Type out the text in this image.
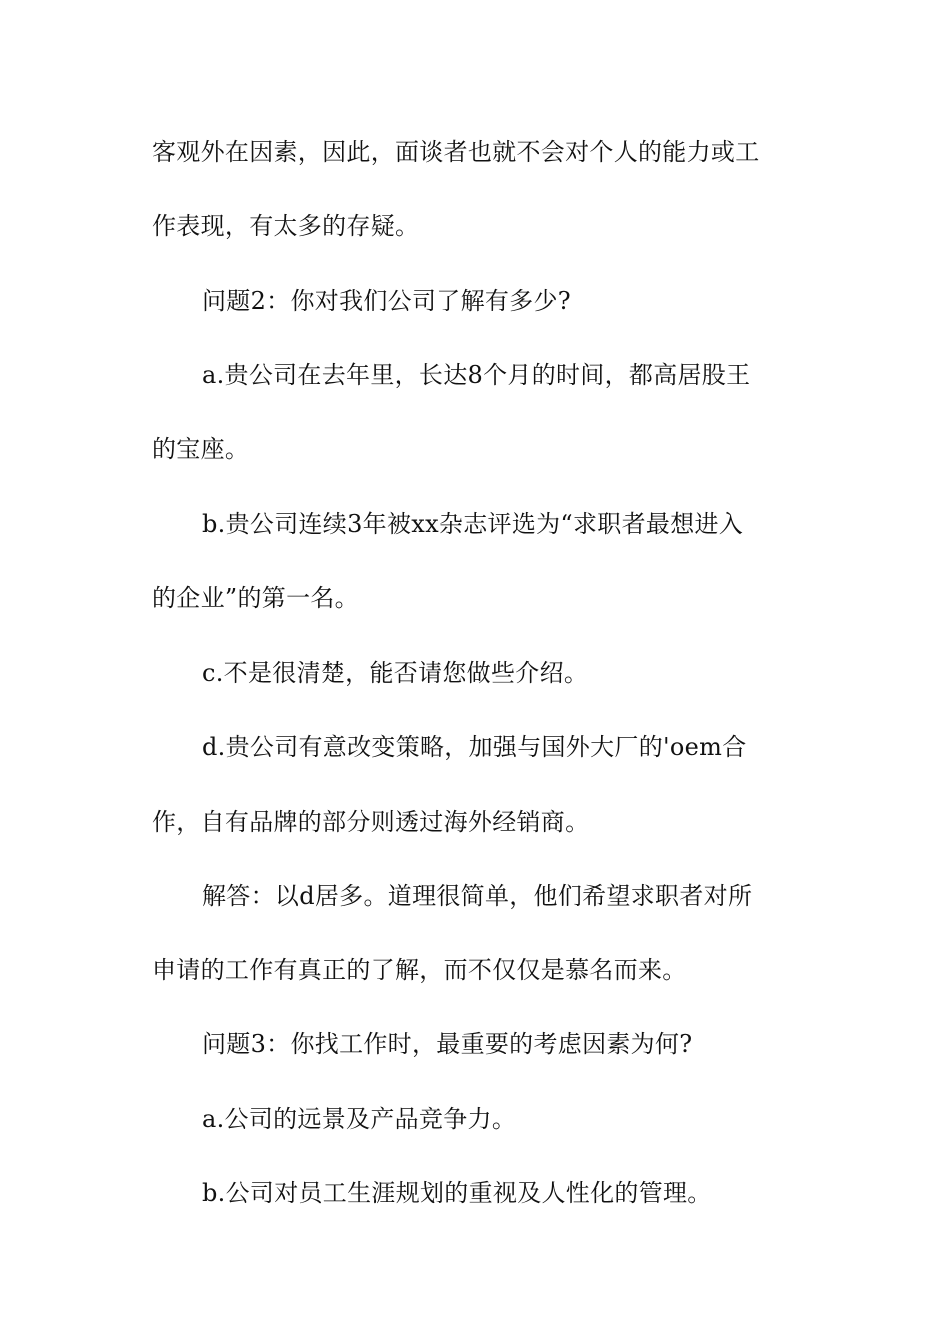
客观外在因素，因此，面谈者也就不会对个人的能力或工
作表现，有太多的存疑。
问题2：你对我们公司了解有多少?
a.贵公司在去年里，长达8个月的时间，都高居股王
的宝座。
b.贵公司连续3年被xx杂志评选为“求职者最想进入
的企业”的第一名。
c.不是很清楚，能否请您做些介绍。
d.贵公司有意改变策略，加强与国外大厂的'oem合
作，自有品牌的部分则透过海外经销商。
解答：以d居多。道理很简单，他们希望求职者对所
申请的工作有真正的了解，而不仅仅是慕名而来。
问题3：你找工作时，最重要的考虑因素为何?
a.公司的远景及产品竞争力。
b.公司对员工生涯规划的重视及人性化的管理。
